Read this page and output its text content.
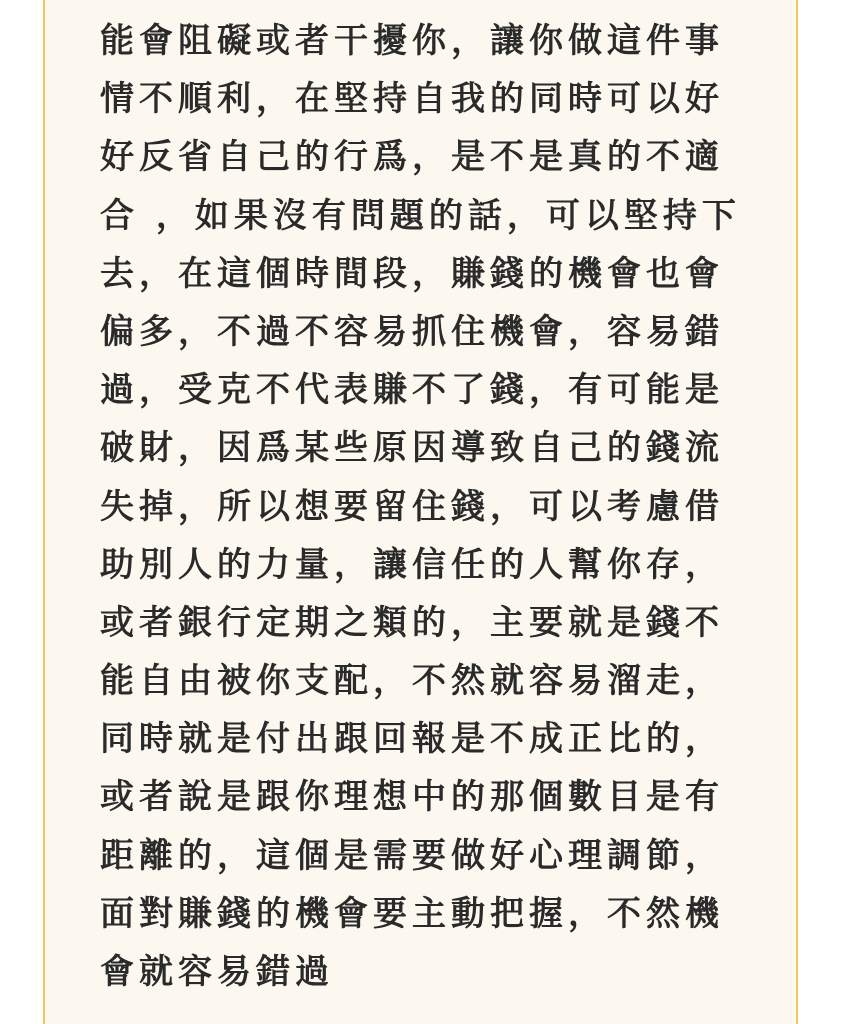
能會阻礙或者干擾你，讓你做這件事
情不順利，在堅持自我的同時可以好
好反省自己的行爲，是不是真的不適
合 ，如果沒有問題的話，可以堅持下
去，在這個時間段，賺錢的機會也會
偏多，不過不容易抓住機會，容易錯
過，受克不代表賺不了錢，有可能是
破財，因爲某些原因導致自己的錢流
失掉，所以想要留住錢，可以考慮借
助別人的力量，讓信任的人幫你存，
或者銀行定期之類的，主要就是錢不
能自由被你支配，不然就容易溜走，
同時就是付出跟回報是不成正比的，
或者說是跟你理想中的那個數目是有
距離的，這個是需要做好心理調節，
面對賺錢的機會要主動把握，不然機
會就容易錯過
